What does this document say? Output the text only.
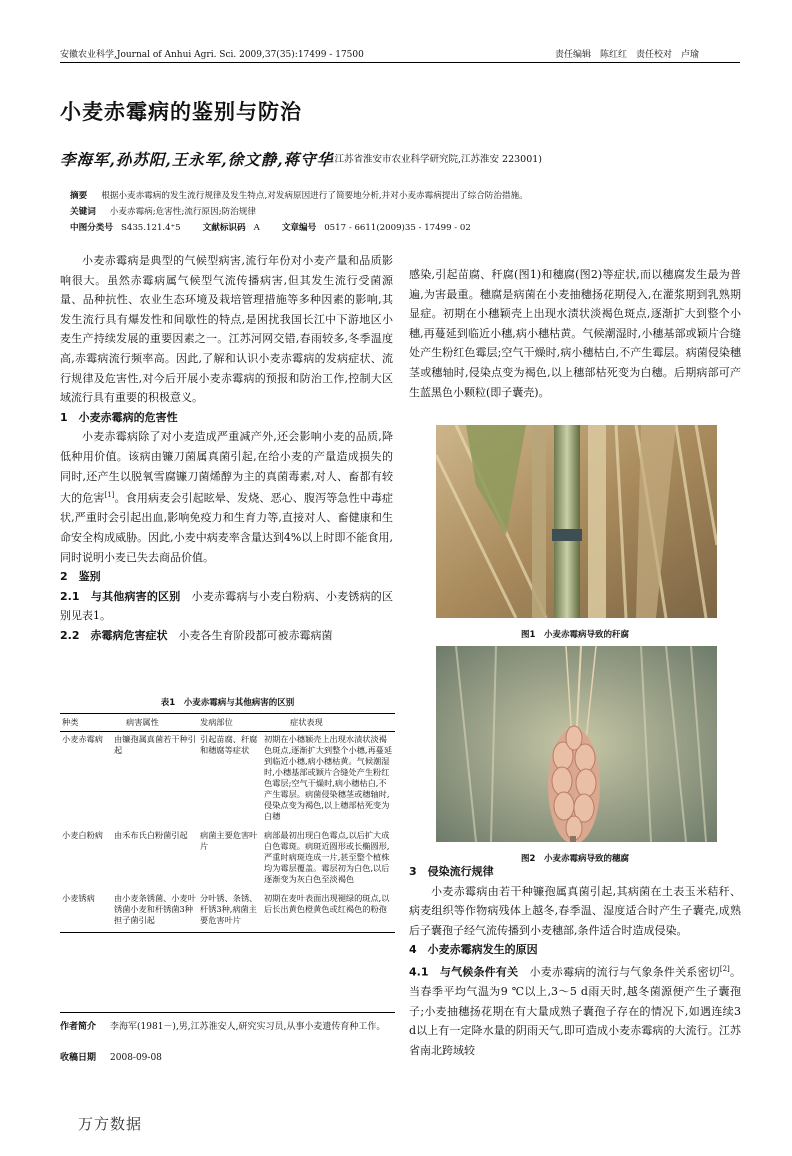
安徽农业科学,Journal of Anhui Agri. Sci. 2009,37(35):17499 - 17500	责任编辑　陈红红　责任校对　卢瑜
小麦赤霉病的鉴别与防治
李海军,孙苏阳,王永军,徐文静,蒋守华
（江苏省淮安市农业科学研究院,江苏淮安 223001)
摘要 根据小麦赤霉病的发生流行规律及发生特点,对发病原因进行了简要地分析,并对小麦赤霉病提出了综合防治措施。
关键词 小麦赤霉病;危害性;流行原因;防治规律
中图分类号 S435.121.4⁺5	文献标识码 A	文章编号 0517 - 6611(2009)35 - 17499 - 02

小麦赤霉病是典型的气候型病害,流行年份对小麦产量和品质影响很大。虽然赤霉病属气候型气流传播病害,但其发生流行受菌源量、品种抗性、农业生态环境及栽培管理措施等多种因素的影响,其发生流行具有爆发性和间歇性的特点,是困扰我国长江中下游地区小麦生产持续发展的重要因素之一。江苏河网交错,春雨较多,冬季温度高,赤霉病流行频率高。因此,了解和认识小麦赤霉病的发病症状、流行规律及危害性,对今后开展小麦赤霉病的预报和防治工作,控制大区域流行具有重要的积极意义。

1　小麦赤霉病的危害性

小麦赤霉病除了对小麦造成严重减产外,还会影响小麦的品质,降低种用价值。该病由镰刀菌属真菌引起,在给小麦的产量造成损失的同时,还产生以脱氧雪腐镰刀菌烯醇为主的真菌毒素,对人、畜都有较大的危害[1]。食用病麦会引起眩晕、发烧、恶心、腹泻等急性中毒症状,严重时会引起出血,影响免疫力和生育力等,直接对人、畜健康和生命安全构成威胁。因此,小麦中病麦率含量达到4%以上时即不能食用,同时说明小麦已失去商品价值。

2　鉴别
2.1　与其他病害的区别　 小麦赤霉病与小麦白粉病、小麦锈病的区别见表1。
2.2　赤霉病危害症状　 小麦各生育阶段都可被赤霉病菌
表1　小麦赤霉病与其他病害的区别
种类	病害属性	发病部位	症状表现
小麦赤霉病	由镰孢属真菌若干种引起	引起苗腐、秆腐和穗腐等症状	初期在小穗颖壳上出现水渍状淡褐色斑点,逐渐扩大到整个小穗,再蔓延到临近小穗,病小穗枯黄。气候潮湿时,小穗基部或颖片合缝处产生粉红色霉层;空气干燥时,病小穗枯白,不产生霉层。病菌侵染穗茎或穗轴时,侵染点变为褐色,以上穗部枯死变为白穗
小麦白粉病	由禾布氏白粉菌引起	病菌主要危害叶片	病部最初出现白色霉点,以后扩大成白色霉斑。病斑近圆形或长椭圆形,严重时病斑连成一片,甚至整个植株均为霉层覆盖。霉层初为白色,以后逐渐变为灰白色至淡褐色
小麦锈病	由小麦条锈菌、小麦叶锈菌小麦和杆锈菌3种担子菌引起	分叶锈、条锈、杆锈3种,病菌主要危害叶片	初期在麦叶表面出现褪绿的斑点,以后长出黄色橙黄色或红褐色的粉孢
作者简介 李海军(1981－),男,江苏淮安人,研究实习员,从事小麦遗传育种工作。
收稿日期 2008-09-08
万方数据
感染,引起苗腐、秆腐(图1)和穗腐(图2)等症状,而以穗腐发生最为普遍,为害最重。穗腐是病菌在小麦抽穗扬花期侵入,在灌浆期到乳熟期显症。初期在小穗颖壳上出现水渍状淡褐色斑点,逐渐扩大到整个小穗,再蔓延到临近小穗,病小穗枯黄。气候潮湿时,小穗基部或颖片合缝处产生粉红色霉层;空气干燥时,病小穗枯白,不产生霉层。病菌侵染穗茎或穗轴时,侵染点变为褐色,以上穗部枯死变为白穗。后期病部可产生蓝黑色小颗粒(即子囊壳)。
图1　小麦赤霉病导致的秆腐
图2　小麦赤霉病导致的穗腐
3　侵染流行规律

小麦赤霉病由若干种镰孢属真菌引起,其病菌在土表玉米秸秆、病麦组织等作物病残体上越冬,春季温、湿度适合时产生子囊壳,成熟后子囊孢子经气流传播到小麦穗部,条件适合时造成侵染。

4　小麦赤霉病发生的原因
4.1　与气候条件有关　 小麦赤霉病的流行与气象条件关系密切[2]。当春季平均气温为9 ℃以上,3～5 d雨天时,越冬菌源便产生子囊孢子;小麦抽穗扬花期在有大量成熟子囊孢子存在的情况下,如遇连续3 d以上有一定降水量的阴雨天气,即可造成小麦赤霉病的大流行。江苏省南北跨域较
